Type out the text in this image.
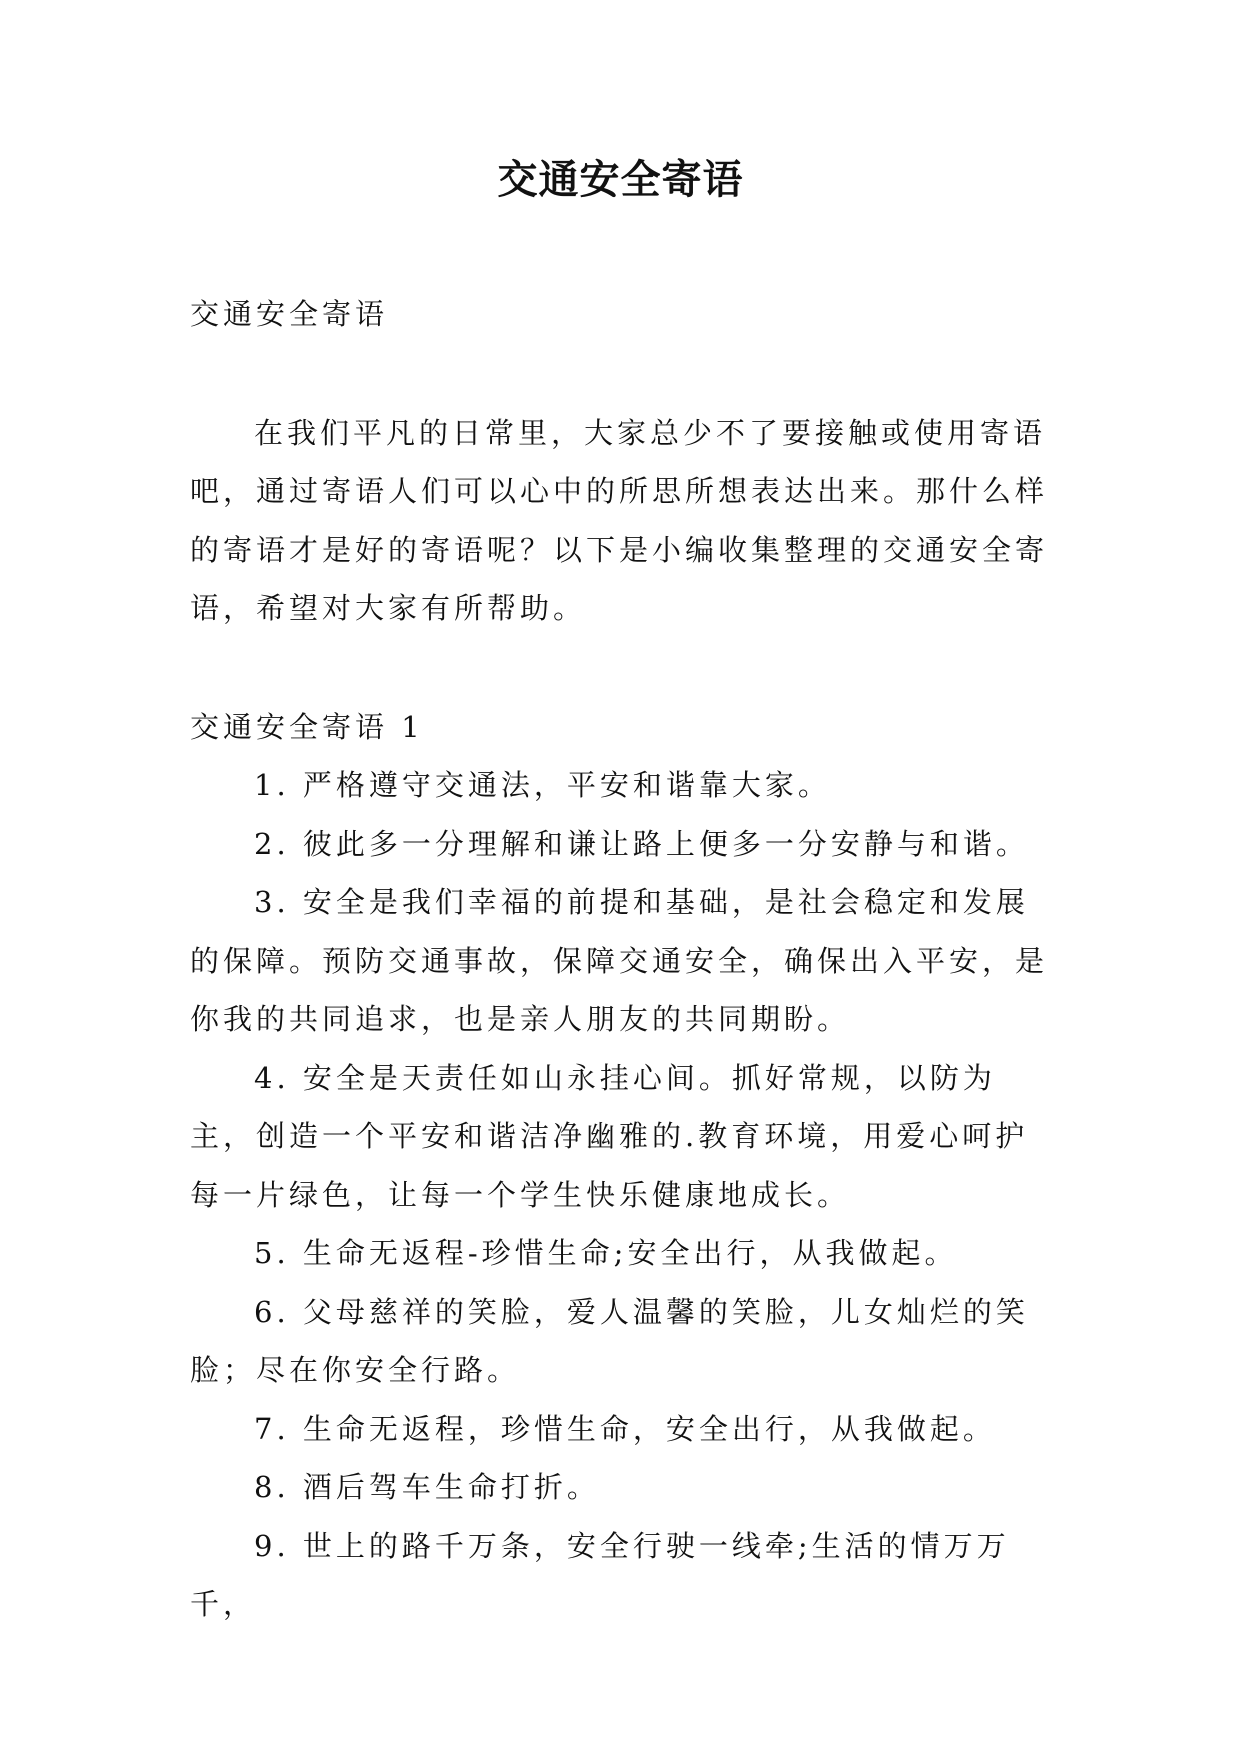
交通安全寄语

交通安全寄语

在我们平凡的日常里，大家总少不了要接触或使用寄语吧，通过寄语人们可以心中的所思所想表达出来。那什么样的寄语才是好的寄语呢？以下是小编收集整理的交通安全寄语，希望对大家有所帮助。

交通安全寄语 1

1. 严格遵守交通法，平安和谐靠大家。

2. 彼此多一分理解和谦让路上便多一分安静与和谐。

3. 安全是我们幸福的前提和基础，是社会稳定和发展的保障。预防交通事故，保障交通安全，确保出入平安，是你我的共同追求，也是亲人朋友的共同期盼。

4. 安全是天责任如山永挂心间。抓好常规，以防为主，创造一个平安和谐洁净幽雅的.教育环境，用爱心呵护每一片绿色，让每一个学生快乐健康地成长。

5. 生命无返程-珍惜生命;安全出行，从我做起。

6. 父母慈祥的笑脸，爱人温馨的笑脸，儿女灿烂的笑脸；尽在你安全行路。

7. 生命无返程，珍惜生命，安全出行，从我做起。

8. 酒后驾车生命打折。

9. 世上的路千万条，安全行驶一线牵;生活的情万万千，
